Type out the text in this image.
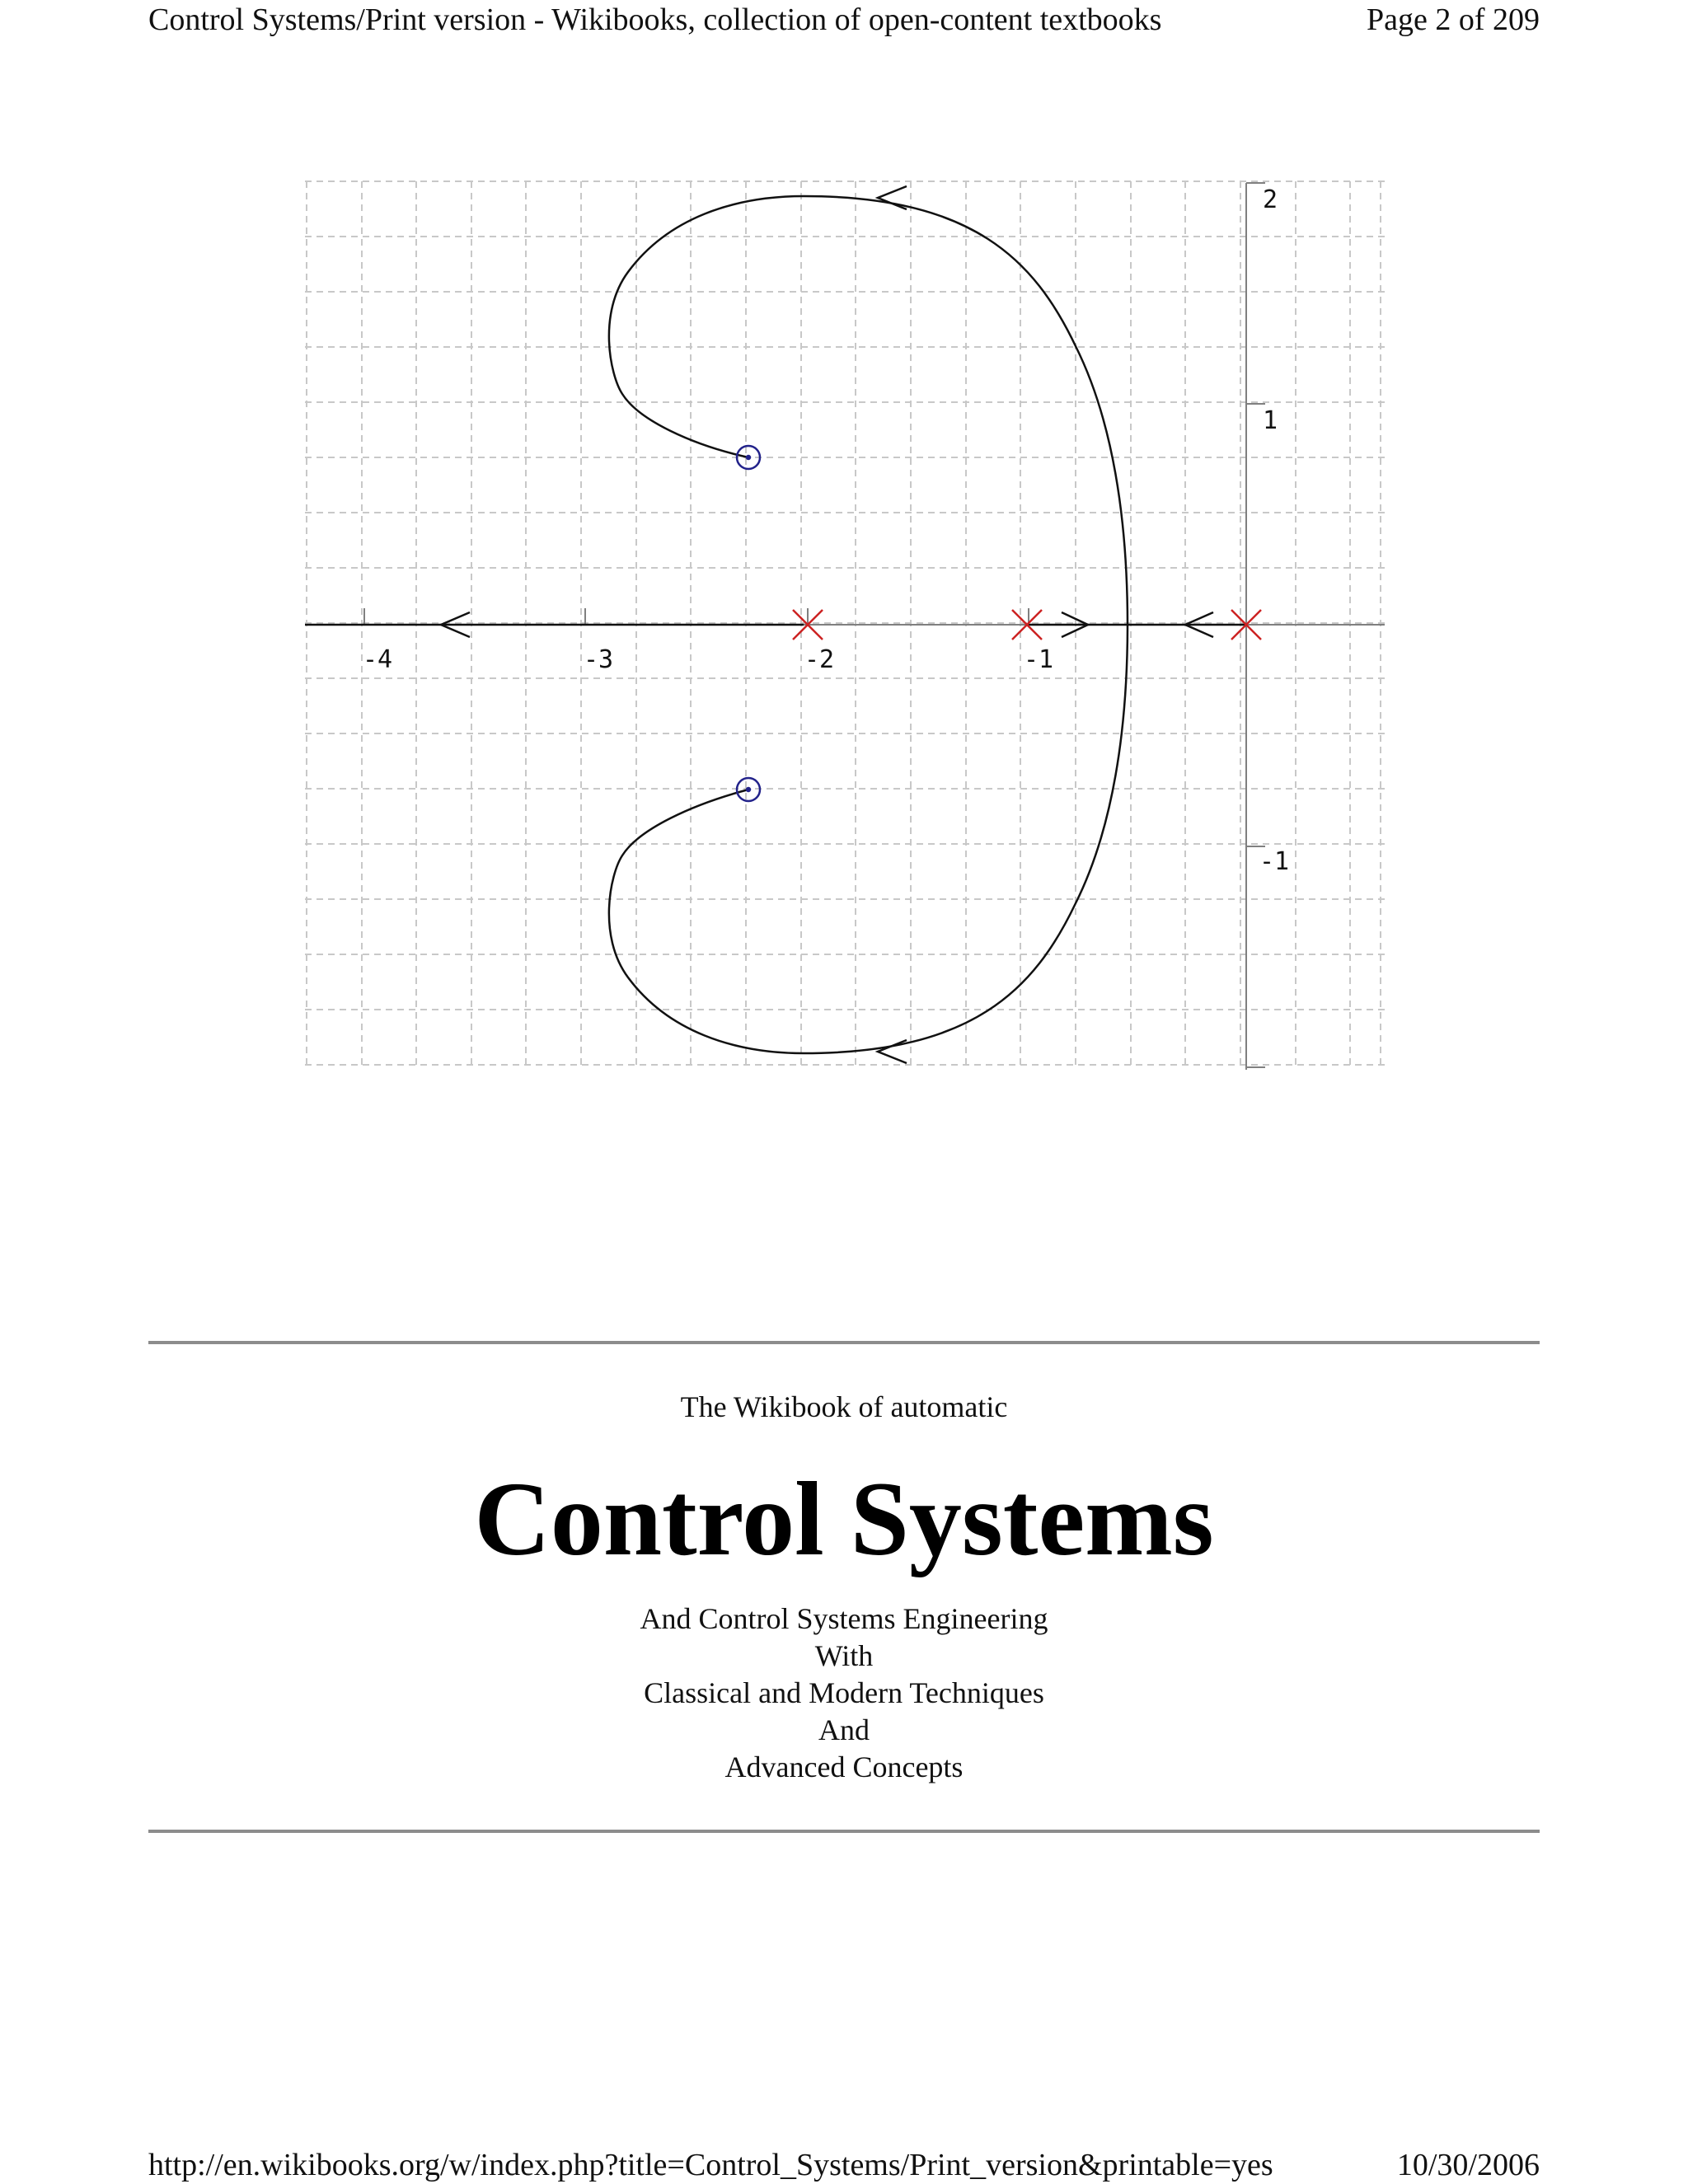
Control Systems/Print version - Wikibooks, collection of open-content textbooks	Page 2 of 209
-4	-3	-2	-1
2
1
-1
The Wikibook of automatic
Control Systems
And Control Systems Engineering
With
Classical and Modern Techniques
And
Advanced Concepts
http://en.wikibooks.org/w/index.php?title=Control_Systems/Print_version&printable=yes	10/30/2006
